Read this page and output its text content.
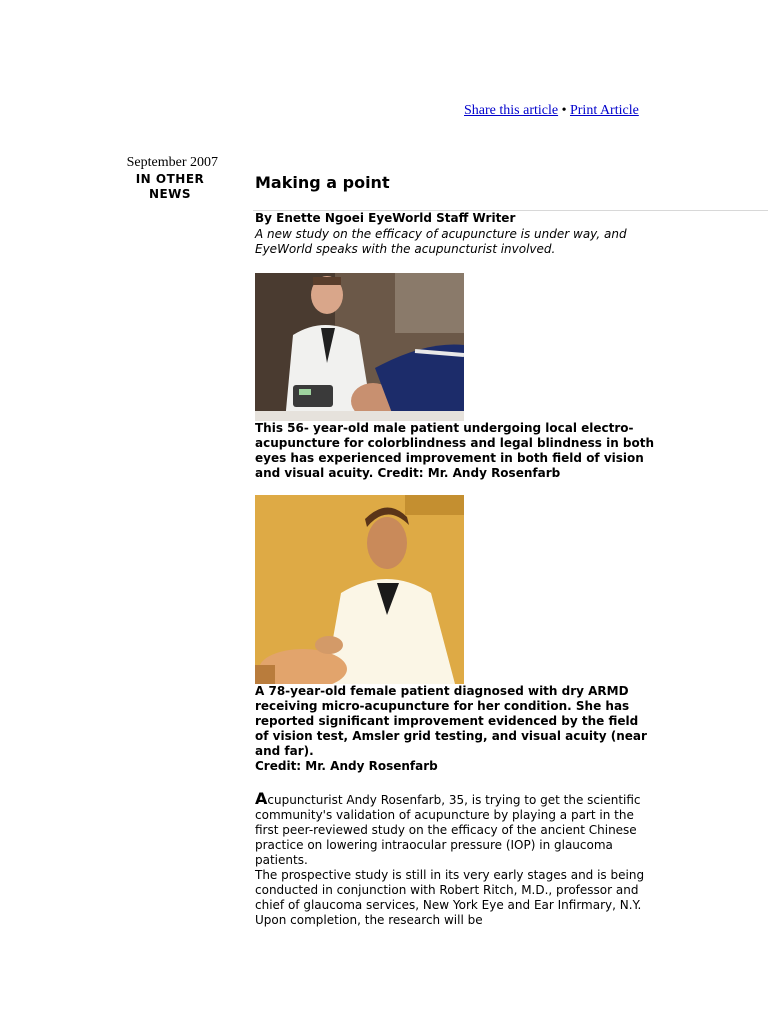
Share this article • Print Article
September 2007
IN OTHER NEWS
Making a point
By Enette Ngoei EyeWorld Staff Writer
A new study on the efficacy of acupuncture is under way, and EyeWorld speaks with the acupuncturist involved.
This 56- year-old male patient undergoing local electro-acupuncture for colorblindness and legal blindness in both eyes has experienced improvement in both field of vision and visual acuity. Credit: Mr. Andy Rosenfarb
A 78-year-old female patient diagnosed with dry ARMD receiving micro-acupuncture for her condition. She has reported significant improvement evidenced by the field of vision test, Amsler grid testing, and visual acuity (near and far).
Credit: Mr. Andy Rosenfarb

Acupuncturist Andy Rosenfarb, 35, is trying to get the scientific community's validation of acupuncture by playing a part in the first peer-reviewed study on the efficacy of the ancient Chinese practice on lowering intraocular pressure (IOP) in glaucoma patients.

The prospective study is still in its very early stages and is being conducted in conjunction with Robert Ritch, M.D., professor and chief of glaucoma services, New York Eye and Ear Infirmary, N.Y. Upon completion, the research will be
